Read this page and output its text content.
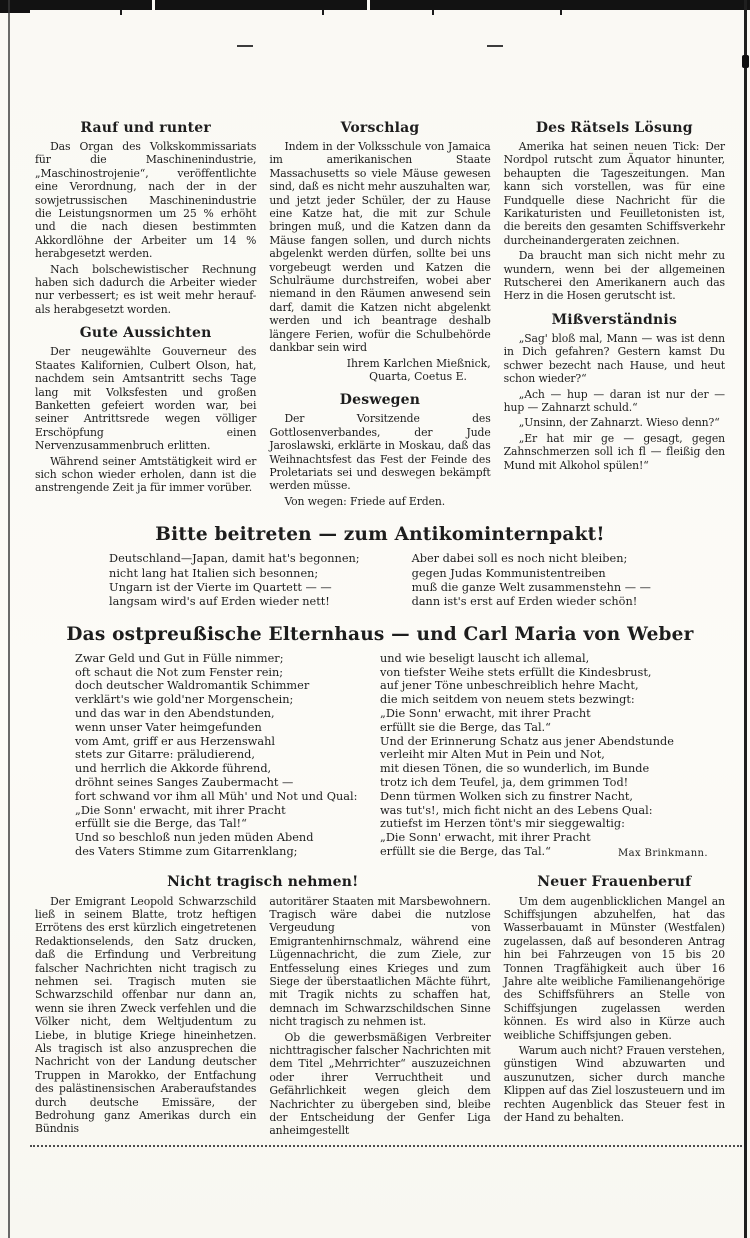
Rauf und runter

Das Organ des Volkskommissariats für die Maschinenindustrie, „Maschinostrojenie“, veröffentlichte eine Verordnung, nach der in der sowjetrussischen Maschinenindustrie die Leistungsnormen um 25 % erhöht und die nach diesen bestimmten Akkordlöhne der Arbeiter um 14 % herabgesetzt werden.

Nach bolschewistischer Rechnung haben sich dadurch die Arbeiter wieder nur verbessert; es ist weit mehr herauf- als herabgesetzt worden.

Gute Aussichten

Der neugewählte Gouverneur des Staates Kalifornien, Culbert Olson, hat, nachdem sein Amtsantritt sechs Tage lang mit Volksfesten und großen Banketten gefeiert worden war, bei seiner Antrittsrede wegen völliger Erschöpfung einen Nervenzusammenbruch erlitten.

Während seiner Amtstätigkeit wird er sich schon wieder erholen, dann ist die anstrengende Zeit ja für immer vorüber.

Vorschlag

Indem in der Volksschule von Jamaica im amerikanischen Staate Massachusetts so viele Mäuse gewesen sind, daß es nicht mehr auszuhalten war, und jetzt jeder Schüler, der zu Hause eine Katze hat, die mit zur Schule bringen muß, und die Katzen dann da Mäuse fangen sollen, und durch nichts abgelenkt werden dürfen, sollte bei uns vorgebeugt werden und Katzen die Schulräume durchstreifen, wobei aber niemand in den Räumen anwesend sein darf, damit die Katzen nicht abgelenkt werden und ich beantrage deshalb längere Ferien, wofür die Schulbehörde dankbar sein wird

Ihrem Karlchen Mießnick,

Quarta, Coetus E.

Deswegen

Der Vorsitzende des Gottlosenverbandes, der Jude Jaroslawski, erklärte in Moskau, daß das Weihnachtsfest das Fest der Feinde des Proletariats sei und deswegen bekämpft werden müsse.

Von wegen: Friede auf Erden.

Des Rätsels Lösung

Amerika hat seinen neuen Tick: Der Nordpol rutscht zum Äquator hinunter, behaupten die Tageszeitungen. Man kann sich vorstellen, was für eine Fundquelle diese Nachricht für die Karikaturisten und Feuilletonisten ist, die bereits den gesamten Schiffsverkehr durcheinandergeraten zeichnen.

Da braucht man sich nicht mehr zu wundern, wenn bei der allgemeinen Rutscherei den Amerikanern auch das Herz in die Hosen gerutscht ist.

Mißverständnis

„Sag' bloß mal, Mann — was ist denn in Dich gefahren? Gestern kamst Du schwer bezecht nach Hause, und heut schon wieder?“

„Ach — hup — daran ist nur der — hup — Zahnarzt schuld.“

„Unsinn, der Zahnarzt. Wieso denn?“

„Er hat mir ge — gesagt, gegen Zahnschmerzen soll ich fl — fleißig den Mund mit Alkohol spülen!“

Bitte beitreten — zum Antikominternpakt!
Deutschland—Japan, damit hat's begonnen;
nicht lang hat Italien sich besonnen;
Ungarn ist der Vierte im Quartett — —
langsam wird's auf Erden wieder nett!
Aber dabei soll es noch nicht bleiben;
gegen Judas Kommunistentreiben
muß die ganze Welt zusammenstehn — —
dann ist's erst auf Erden wieder schön!
Das ostpreußische Elternhaus — und Carl Maria von Weber
Zwar Geld und Gut in Fülle nimmer;
oft schaut die Not zum Fenster rein;
doch deutscher Waldromantik Schimmer
verklärt's wie gold'ner Morgenschein;
und das war in den Abendstunden,
wenn unser Vater heimgefunden
vom Amt, griff er aus Herzenswahl
stets zur Gitarre: präludierend,
und herrlich die Akkorde führend,
dröhnt seines Sanges Zaubermacht —
fort schwand vor ihm all Müh' und Not und Qual:
„Die Sonn' erwacht, mit ihrer Pracht
erfüllt sie die Berge, das Tal!“
Und so beschloß nun jeden müden Abend
des Vaters Stimme zum Gitarrenklang;
und wie beseligt lauscht ich allemal,
von tiefster Weihe stets erfüllt die Kindesbrust,
auf jener Töne unbeschreiblich hehre Macht,
die mich seitdem von neuem stets bezwingt:
„Die Sonn' erwacht, mit ihrer Pracht
erfüllt sie die Berge, das Tal.“
Und der Erinnerung Schatz aus jener Abendstunde
verleiht mir Alten Mut in Pein und Not,
mit diesen Tönen, die so wunderlich, im Bunde
trotz ich dem Teufel, ja, dem grimmen Tod!
Denn türmen Wolken sich zu finstrer Nacht,
was tut's!, mich ficht nicht an des Lebens Qual:
zutiefst im Herzen tönt's mir sieggewaltig:
„Die Sonn' erwacht, mit ihrer Pracht
erfüllt sie die Berge, das Tal.“	Max Brinkmann.
Nicht tragisch nehmen!	Neuer Frauenberuf

Der Emigrant Leopold Schwarzschild ließ in seinem Blatte, trotz heftigen Errötens des erst kürzlich eingetretenen Redaktionselends, den Satz drucken, daß die Erfindung und Verbreitung falscher Nachrichten nicht tragisch zu nehmen sei. Tragisch muten sie Schwarzschild offenbar nur dann an, wenn sie ihren Zweck verfehlen und die Völker nicht, dem Weltjudentum zu Liebe, in blutige Kriege hineinhetzen. Als tragisch ist also anzusprechen die Nachricht von der Landung deutscher Truppen in Marokko, der Entfachung des palästinensischen Araberaufstandes durch deutsche Emissäre, der Bedrohung ganz Amerikas durch ein Bündnis

autoritärer Staaten mit Marsbewohnern. Tragisch wäre dabei die nutzlose Vergeudung von Emigrantenhirnschmalz, während eine Lügennachricht, die zum Ziele, zur Entfesselung eines Krieges und zum Siege der überstaatlichen Mächte führt, mit Tragik nichts zu schaffen hat, demnach im Schwarzschildschen Sinne nicht tragisch zu nehmen ist.

Ob die gewerbsmäßigen Verbreiter nichttragischer falscher Nachrichten mit dem Titel „Mehrrichter“ auszuzeichnen oder ihrer Verruchtheit und Gefährlichkeit wegen gleich dem Nachrichter zu übergeben sind, bleibe der Entscheidung der Genfer Liga anheimgestellt

Um dem augenblicklichen Mangel an Schiffsjungen abzuhelfen, hat das Wasserbauamt in Münster (Westfalen) zugelassen, daß auf besonderen Antrag hin bei Fahrzeugen von 15 bis 20 Tonnen Tragfähigkeit auch über 16 Jahre alte weibliche Familienangehörige des Schiffsführers an Stelle von Schiffsjungen zugelassen werden können. Es wird also in Kürze auch weibliche Schiffsjungen geben.

Warum auch nicht? Frauen verstehen, günstigen Wind abzuwarten und auszunutzen, sicher durch manche Klippen auf das Ziel loszusteuern und im rechten Augenblick das Steuer fest in der Hand zu behalten.
